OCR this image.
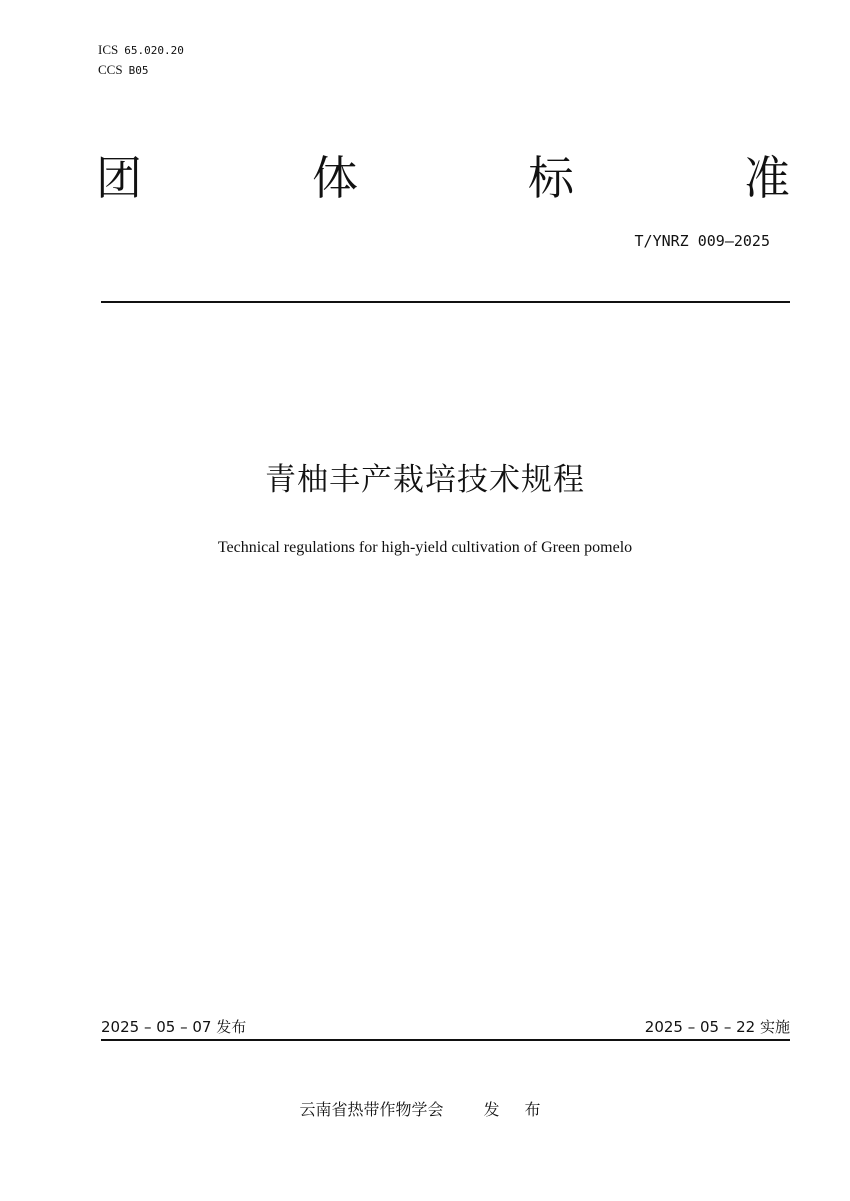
ICS 65.020.20
CCS B05
团	体	标	准
T/YNRZ 009—2025
青柚丰产栽培技术规程
Technical regulations for high-yield cultivation of Green pomelo
2025 – 05 – 07 发布	2025 – 05 – 22 实施
云南省热带作物学会	发 布
